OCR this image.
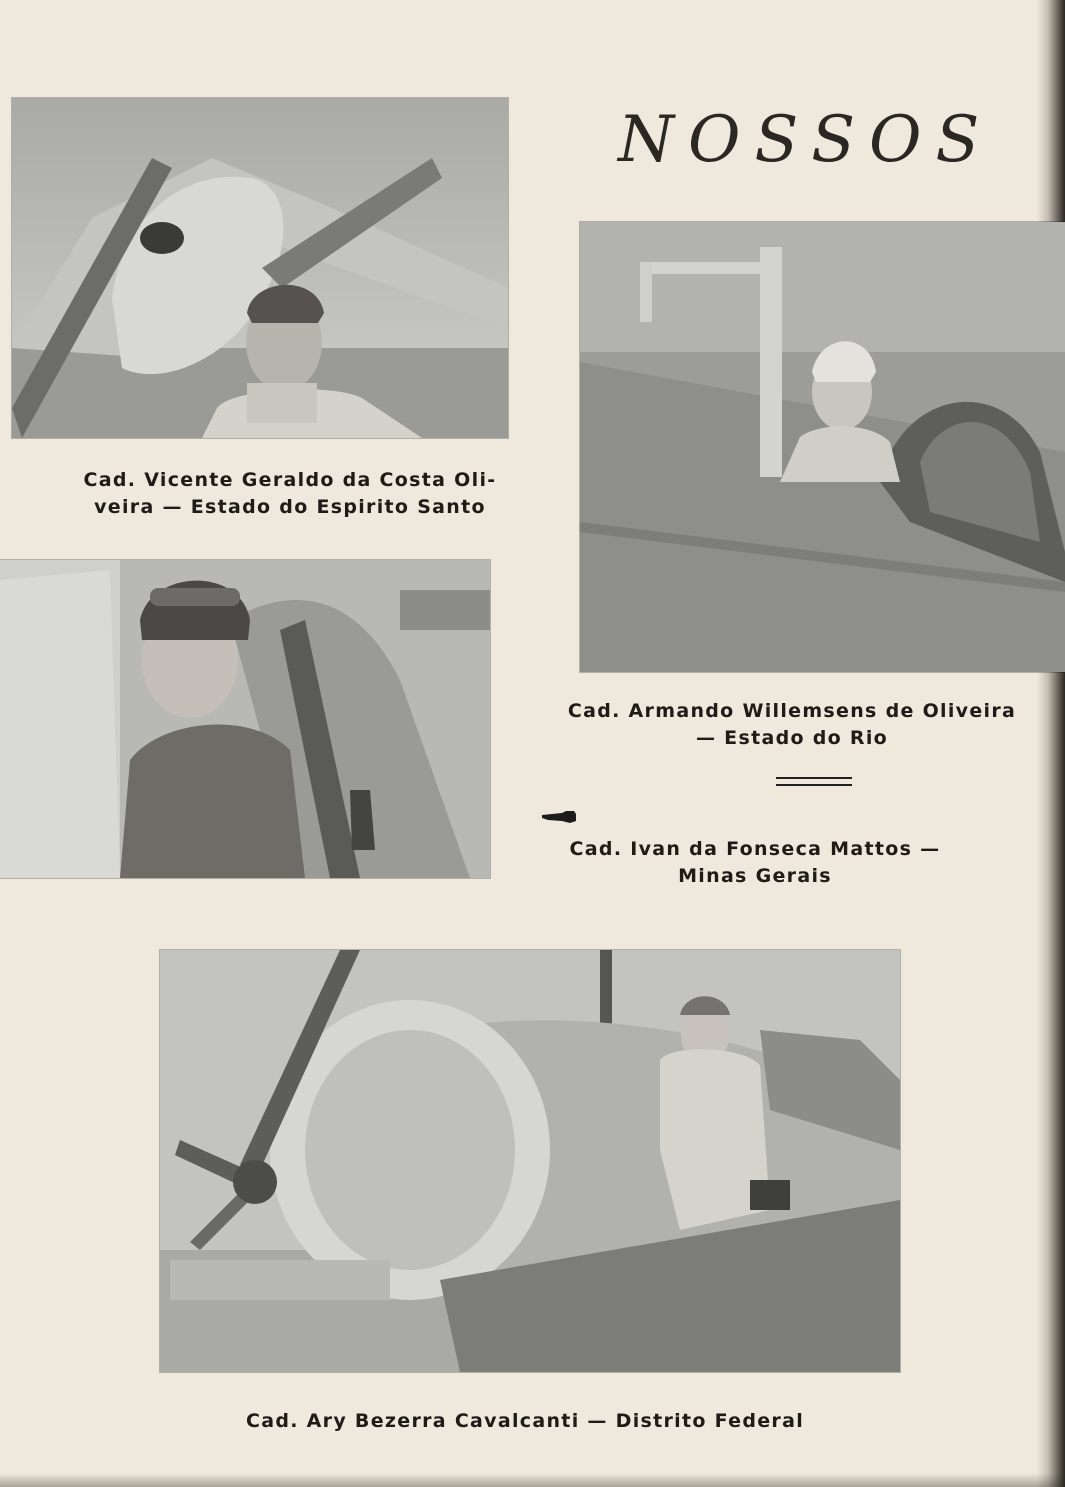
NOSSOS
Cad. Vicente Geraldo da Costa Oli-
veira — Estado do Espirito Santo
Cad. Armando Willemsens de Oliveira
— Estado do Rio
Cad. Ivan da Fonseca Mattos —
Minas Gerais
Cad. Ary Bezerra Cavalcanti — Distrito Federal
